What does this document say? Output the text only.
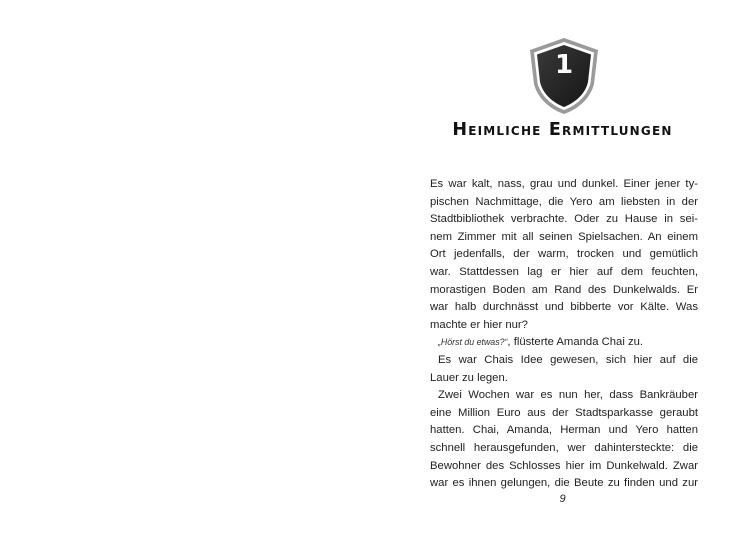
1
Heimliche Ermittlungen
Es war kalt, nass, grau und dunkel. Einer jener ty-
pischen Nachmittage, die Yero am liebsten in der
Stadtbibliothek verbrachte. Oder zu Hause in sei-
nem Zimmer mit all seinen Spielsachen. An einem
Ort jedenfalls, der warm, trocken und gemütlich
war. Stattdessen lag er hier auf dem feuchten,
morastigen Boden am Rand des Dunkelwalds. Er
war halb durchnässt und bibberte vor Kälte. Was
machte er hier nur?
„Hörst du etwas?“, flüsterte Amanda Chai zu.
Es war Chais Idee gewesen, sich hier auf die
Lauer zu legen.
Zwei Wochen war es nun her, dass Bankräuber
eine Million Euro aus der Stadtsparkasse geraubt
hatten. Chai, Amanda, Herman und Yero hatten
schnell herausgefunden, wer dahintersteckte: die
Bewohner des Schlosses hier im Dunkelwald. Zwar
war es ihnen gelungen, die Beute zu finden und zur
9
